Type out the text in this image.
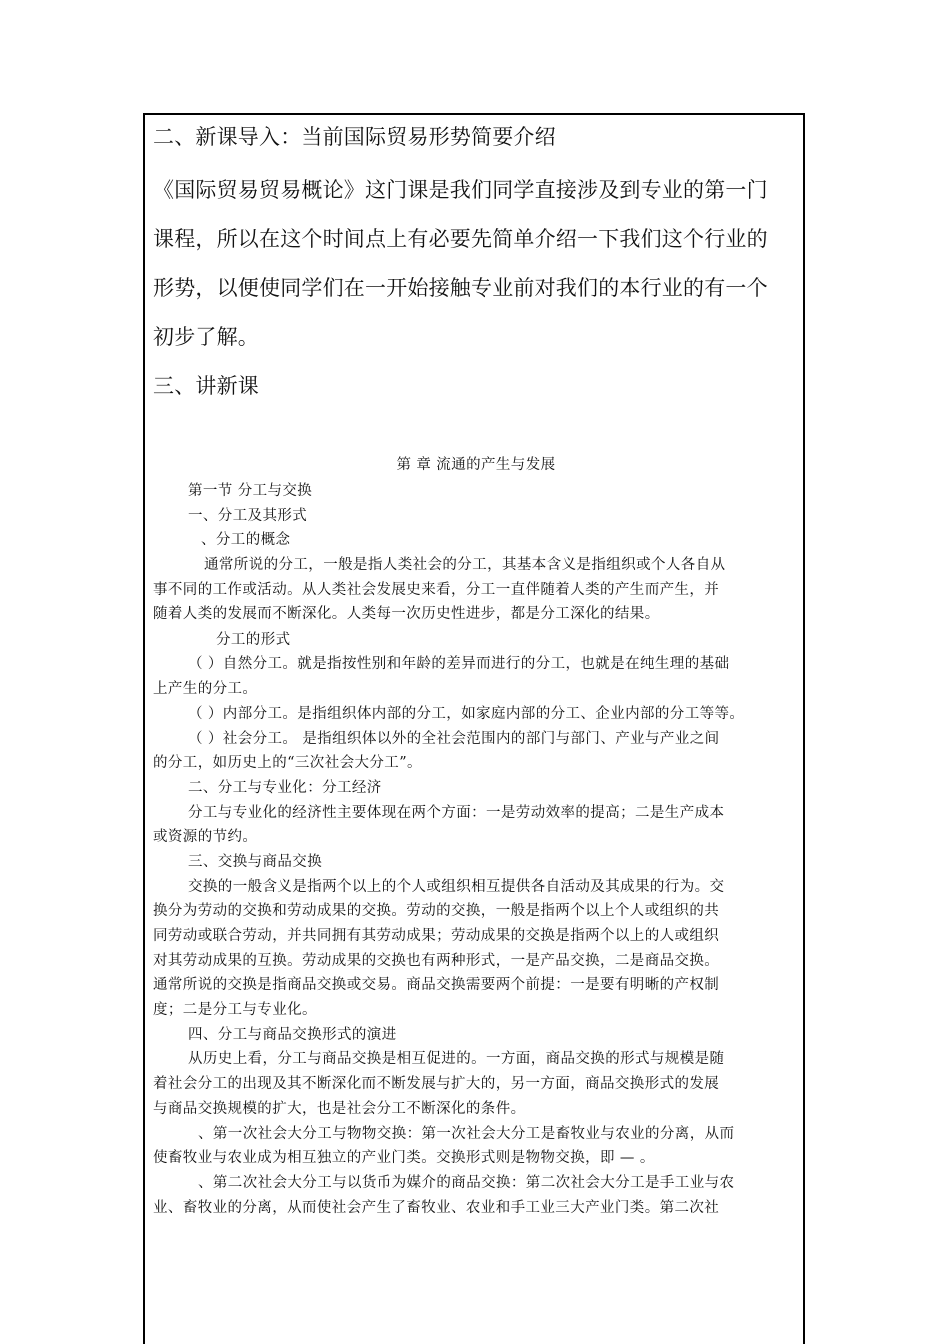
二、新课导入：当前国际贸易形势简要介绍
《国际贸易贸易概论》这门课是我们同学直接涉及到专业的第一门
课程，所以在这个时间点上有必要先简单介绍一下我们这个行业的
形势，以便使同学们在一开始接触专业前对我们的本行业的有一个
初步了解。
三、讲新课
第 章 流通的产生与发展
第一节 分工与交换
一、分工及其形式
、分工的概念
通常所说的分工，一般是指人类社会的分工，其基本含义是指组织或个人各自从
事不同的工作或活动。从人类社会发展史来看，分工一直伴随着人类的产生而产生，并
随着人类的发展而不断深化。人类每一次历史性进步，都是分工深化的结果。
分工的形式
（ ）自然分工。就是指按性别和年龄的差异而进行的分工，也就是在纯生理的基础
上产生的分工。
（ ）内部分工。是指组织体内部的分工，如家庭内部的分工、企业内部的分工等等。
（ ）社会分工。 是指组织体以外的全社会范围内的部门与部门、产业与产业之间
的分工，如历史上的“三次社会大分工”。
二、分工与专业化：分工经济
分工与专业化的经济性主要体现在两个方面：一是劳动效率的提高；二是生产成本
或资源的节约。
三、交换与商品交换
交换的一般含义是指两个以上的个人或组织相互提供各自活动及其成果的行为。交
换分为劳动的交换和劳动成果的交换。劳动的交换，一般是指两个以上个人或组织的共
同劳动或联合劳动，并共同拥有其劳动成果；劳动成果的交换是指两个以上的人或组织
对其劳动成果的互换。劳动成果的交换也有两种形式，一是产品交换，二是商品交换。
通常所说的交换是指商品交换或交易。商品交换需要两个前提：一是要有明晰的产权制
度；二是分工与专业化。
四、分工与商品交换形式的演进
从历史上看，分工与商品交换是相互促进的。一方面，商品交换的形式与规模是随
着社会分工的出现及其不断深化而不断发展与扩大的，另一方面，商品交换形式的发展
与商品交换规模的扩大，也是社会分工不断深化的条件。
、第一次社会大分工与物物交换：第一次社会大分工是畜牧业与农业的分离，从而
使畜牧业与农业成为相互独立的产业门类。交换形式则是物物交换，即 — 。
、第二次社会大分工与以货币为媒介的商品交换：第二次社会大分工是手工业与农
业、畜牧业的分离，从而使社会产生了畜牧业、农业和手工业三大产业门类。第二次社
